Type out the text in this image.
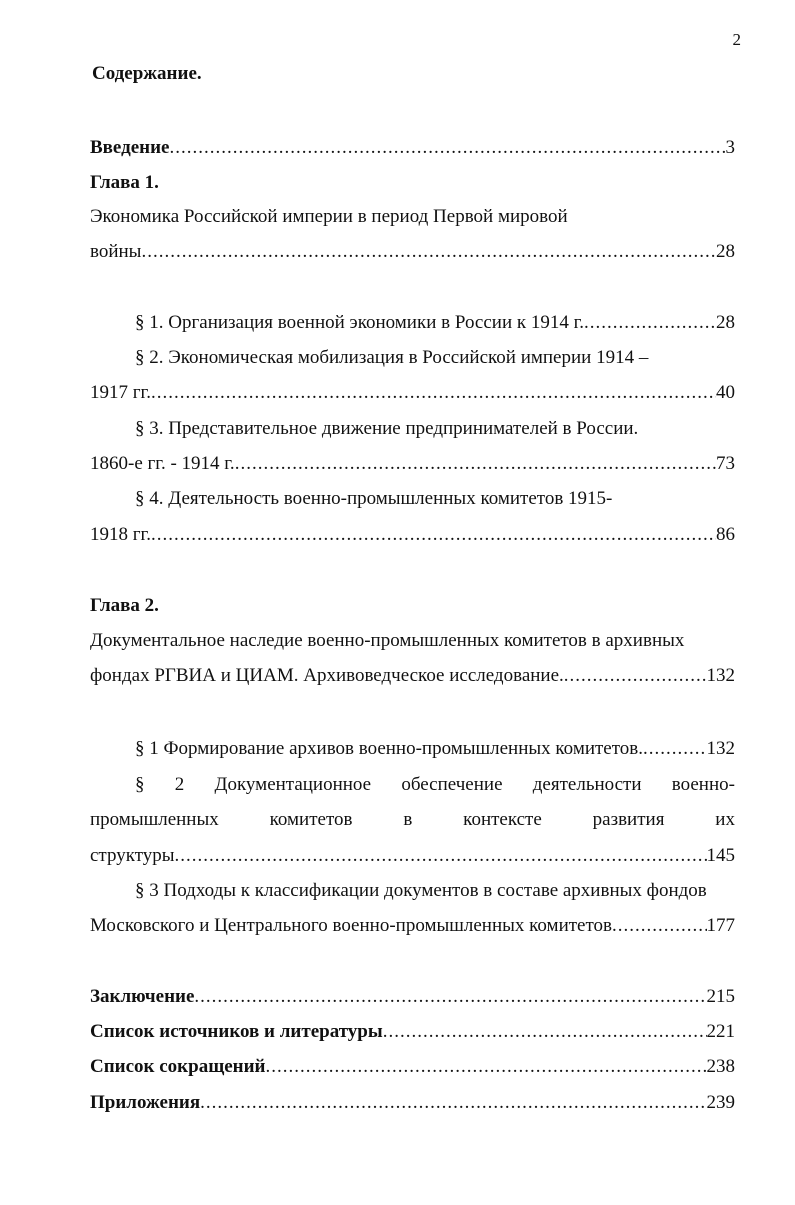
2
Содержание.
Введение .....	3
Глава 1.
Экономика Российской империи в период Первой мировой
войны .....	28
§ 1. Организация военной экономики в России к 1914 г. .....	28
§ 2. Экономическая мобилизация в Российской империи 1914 –
1917 гг. .....	40
§ 3. Представительное движение предпринимателей в России.
1860-е гг. - 1914 г. .....	73
§ 4. Деятельность военно-промышленных комитетов 1915-
1918 гг. .....	86
Глава 2.
Документальное наследие военно-промышленных комитетов в архивных
фондах РГВИА и ЦИАМ. Архивоведческое исследование. .....	132
§ 1 Формирование архивов военно-промышленных комитетов. .....	132
§ 2 Документационное обеспечение деятельности военно-
промышленных	комитетов	в	контексте	развития	их
структуры .....	145
§ 3 Подходы к классификации документов в составе архивных фондов
Московского и Центрального военно-промышленных комитетов .....	177
Заключение .....	215
Список источников и литературы .....	221
Список сокращений .....	238
Приложения .....	239
